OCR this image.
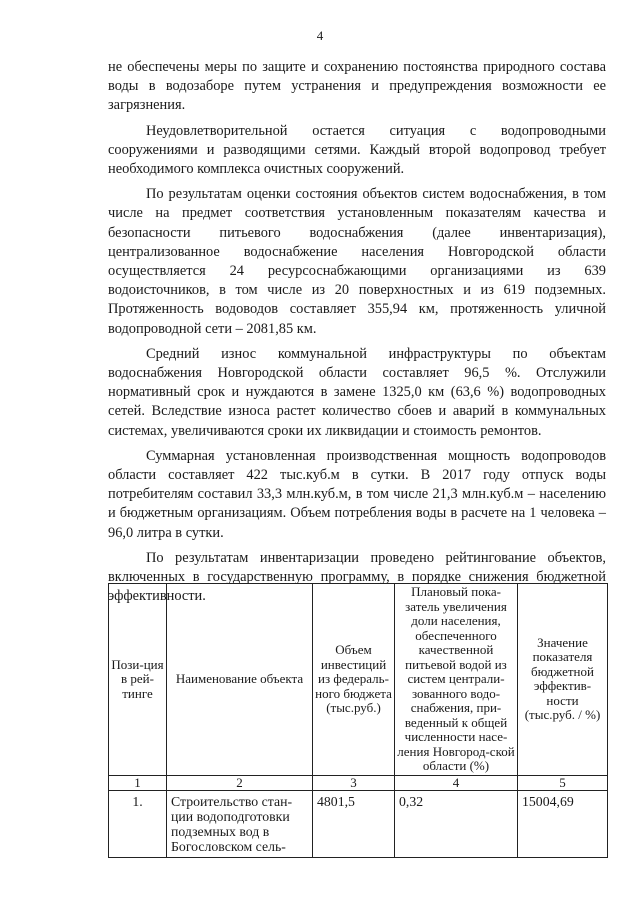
4

не обеспечены меры по защите и сохранению постоянства природного состава воды в водозаборе путем устранения и предупреждения возможности ее загрязнения.

Неудовлетворительной остается ситуация с водопроводными сооружениями и разводящими сетями. Каждый второй водопровод требует необходимого комплекса очистных сооружений.

По результатам оценки состояния объектов систем водоснабжения, в том числе на предмет соответствия установленным показателям качества и безопасности питьевого водоснабжения (далее инвентаризация), централизованное водоснабжение населения Новгородской области осуществляется 24 ресурсоснабжающими организациями из 639 водоисточников, в том числе из 20 поверхностных и из 619 подземных. Протяженность водоводов составляет 355,94 км, протяженность уличной водопроводной сети – 2081,85 км.

Средний износ коммунальной инфраструктуры по объектам водоснабжения Новгородской области составляет 96,5 %. Отслужили нормативный срок и нуждаются в замене 1325,0 км (63,6 %) водопроводных сетей. Вследствие износа растет количество сбоев и аварий в коммунальных системах, увеличиваются сроки их ликвидации и стоимость ремонтов.

Суммарная установленная производственная мощность водопроводов области составляет 422 тыс.куб.м в сутки. В 2017 году отпуск воды потребителям составил 33,3 млн.куб.м, в том числе 21,3 млн.куб.м – населению и бюджетным организациям. Объем потребления воды в расчете на 1 человека – 96,0 литра в сутки.

По результатам инвентаризации проведено рейтингование объектов, включенных в государственную программу, в порядке снижения бюджетной эффективности.

Пози-ция в рей-тинге	Наименование объекта	Объем инвестиций из федераль-ного бюджета (тыс.руб.)	Плановый пока-затель увеличения доли населения, обеспеченного качественной питьевой водой из систем централи-зованного водо-снабжения, при-веденный к общей численности насе-ления Новгород-ской области (%)	Значение показателя бюджетной эффектив-ности (тыс.руб. / %)
1	2	3	4	5
1.	Строительство стан-ции водоподготовки подземных вод в Богословском сель-	4801,5	0,32	15004,69
